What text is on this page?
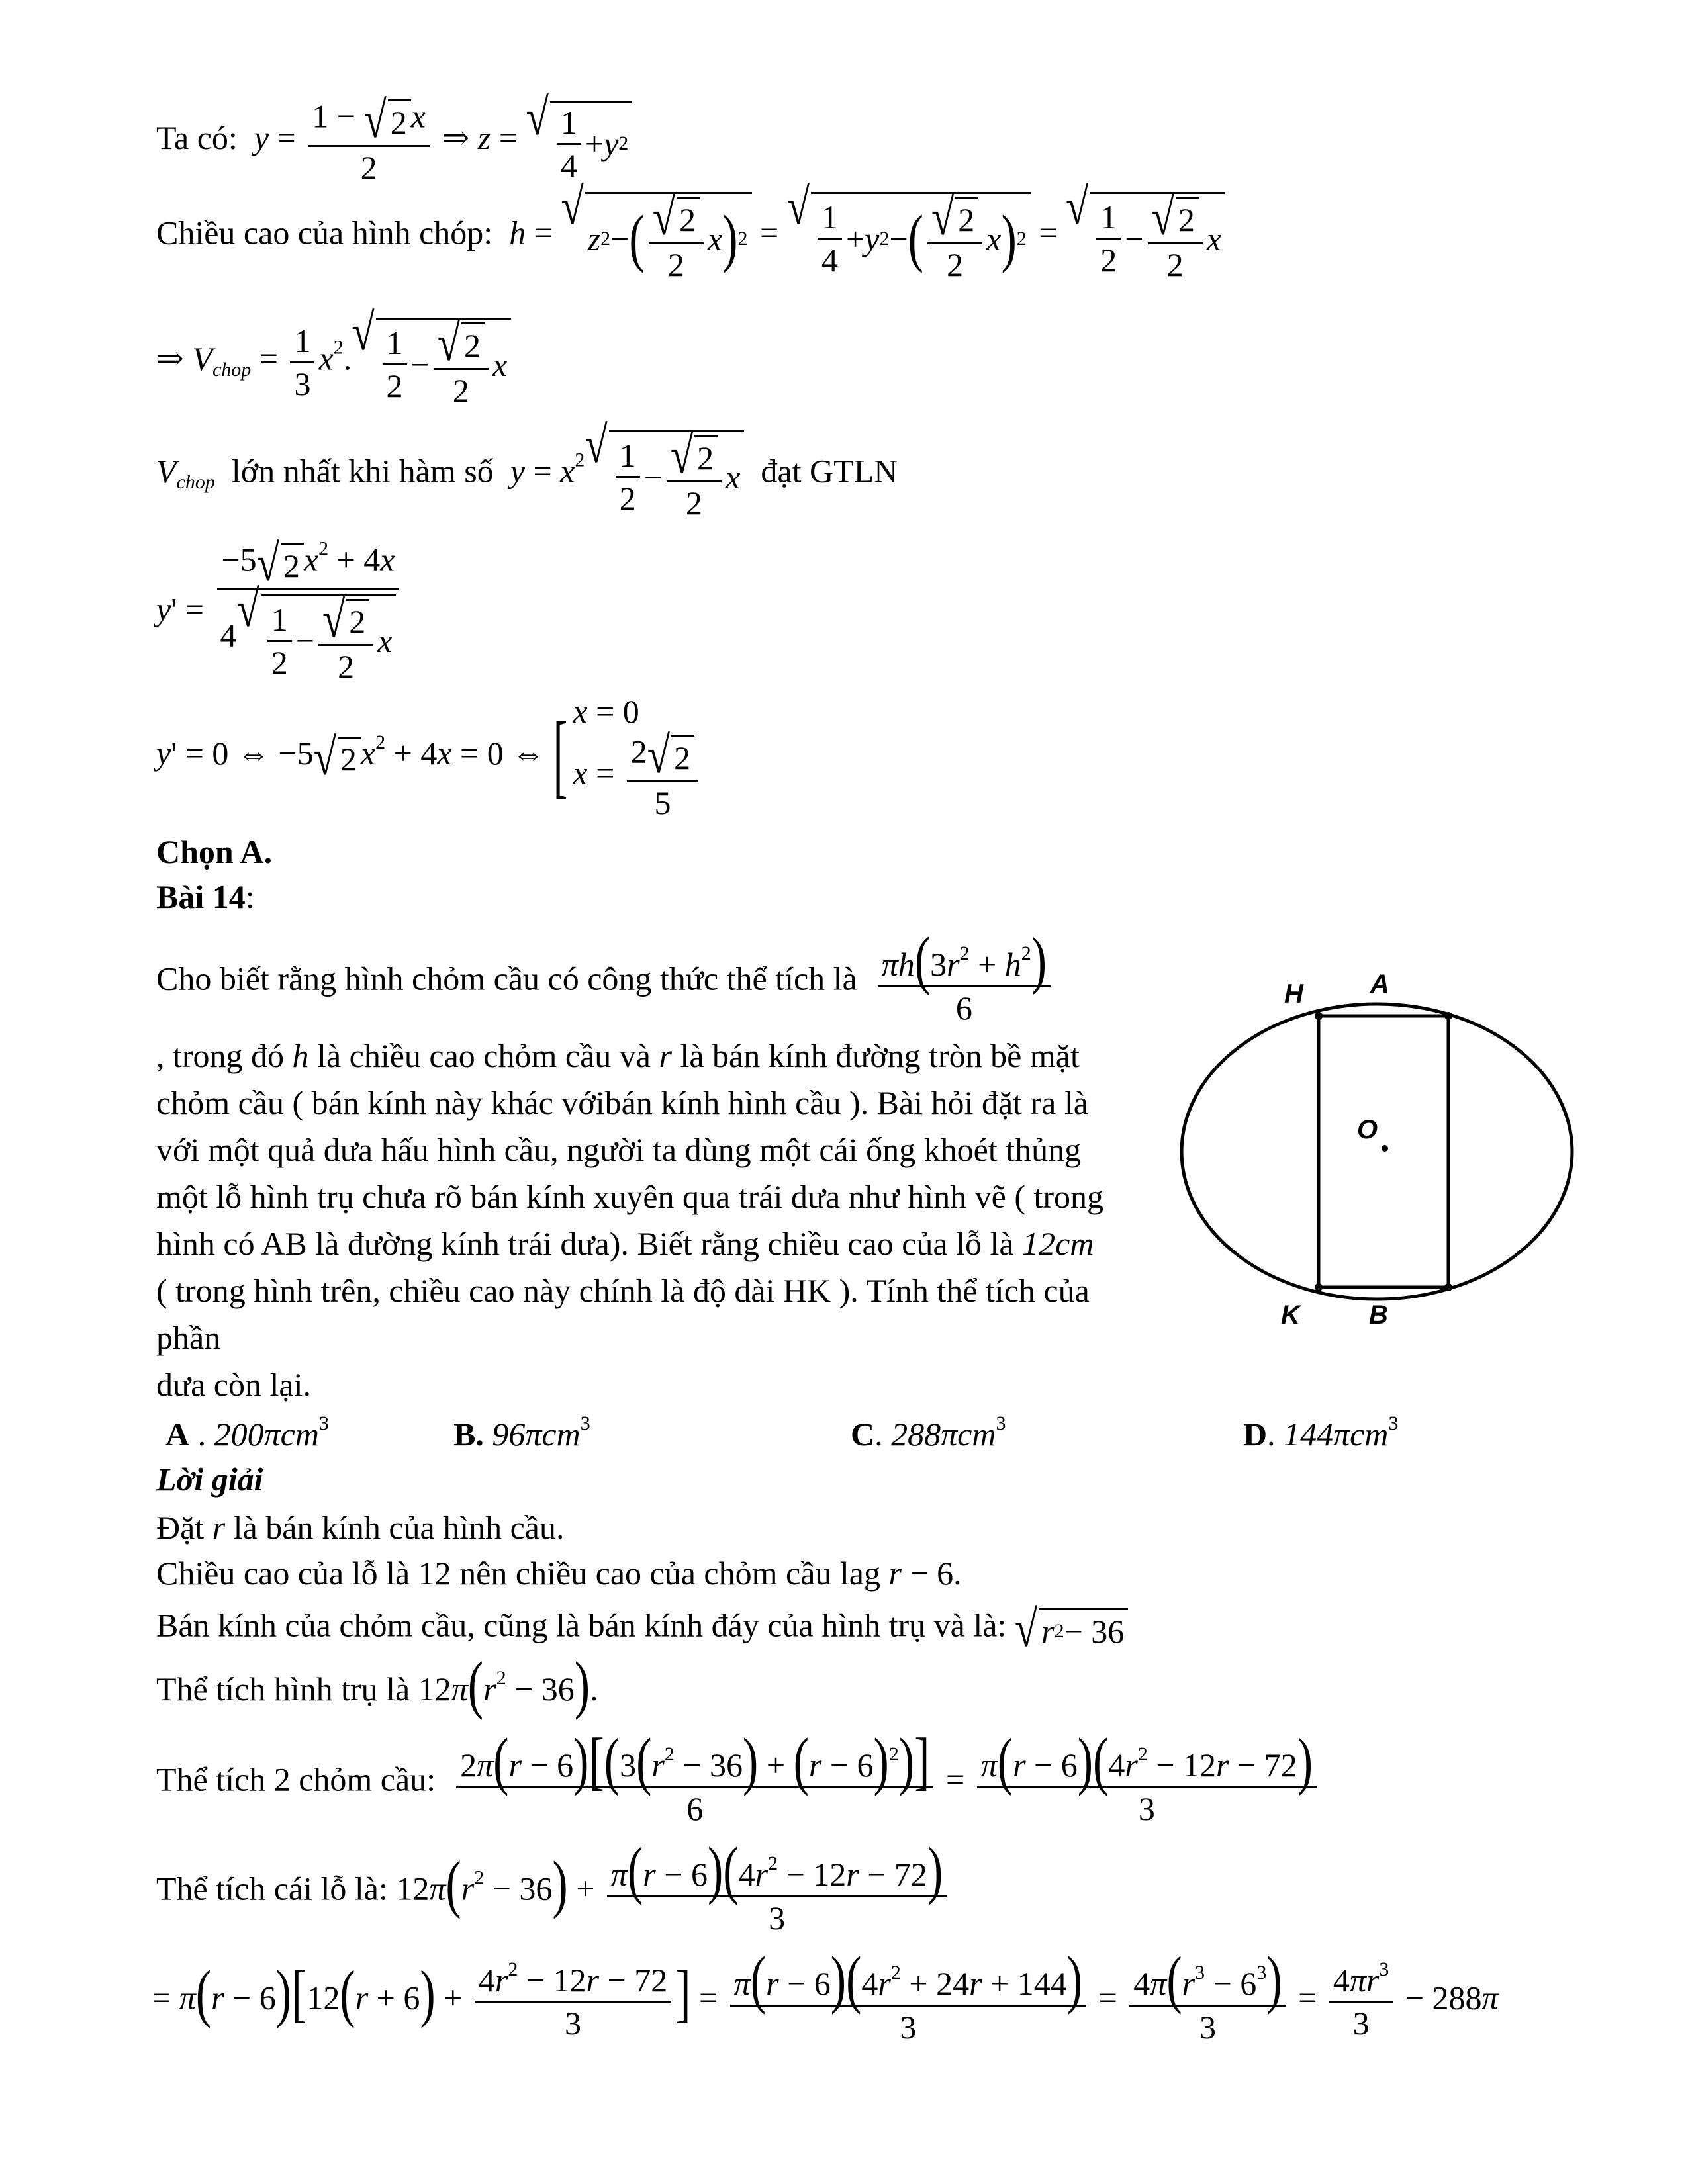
Ta có: $y = \frac{1 - √ 2 x}{2}$ ⇒ z = √ $\frac{1}{4} + y$ 2
Chiều cao của hình chóp: h = √
z 2 − ( $\frac{√ 2}{2}$ x ) 2 = √ $\frac{1}{4} + y$ 2 − ( $\frac{√ 2}{2}$ x ) 2 = √ $\frac{1}{2} - \frac{√ 2}{2}$ x
⇒ $V_{chop} = \frac{1}{3} x^2$. √ $\frac{1}{2} - \frac{√ 2}{2}$ x
$V_{chop}$ lớn nhất khi hàm số $y = x^2$ √ $\frac{1}{2} - \frac{√ 2}{2}$ x đạt GTLN
$y' = \frac{-5 √ 2 x^2 + 4x}{4 √ \frac{1}{2} - \frac{√ 2}{2} x}$
y' = 0 ⇔ −5 √ 2 $x^2 + 4x = 0$ ⇔ [ x = 0
$x = \frac{2 √ 2}{5}$
Chọn A.
Bài 14:
Cho biết rằng hình chỏm cầu có công thức thể tích là $\frac{\pi h(3r^2 + h^2)}{6}$
, trong đó h là chiều cao chỏm cầu và r là bán kính đường tròn bề mặt chỏm cầu ( bán kính này khác vớibán kính hình cầu ). Bài hỏi đặt ra là với một quả dưa hấu hình cầu, người ta dùng một cái ống khoét thủng một lỗ hình trụ chưa rõ bán kính xuyên qua trái dưa như hình vẽ ( trong hình có AB là đường kính trái dưa). Biết rằng chiều cao của lỗ là 12cm  ( trong hình trên, chiều cao này chính là độ dài HK ). Tính thể tích của phần
dưa còn lại.
H	A
O
K	B
A . 200πcm$^3$	B. 96πcm$^3$	C. 288πcm$^3$	D. 144πcm$^3$
Lời giải
Đặt r là bán kính của hình cầu.
Chiều cao của lỗ là 12 nên chiều cao của chỏm cầu lag r − 6.
Bán kính của chỏm cầu, cũng là bán kính đáy của hình trụ và là: √ r 2 − 36
Thể tích hình trụ là $12\pi(r^2 - 36)$.
Thể tích 2 chỏm cầu: $\frac{2\pi(r - 6)[(3(r^2 - 36) + (r - 6)^2)]}{6} = \frac{\pi(r - 6)(4r^2 - 12r - 72)}{3}$
Thể tích cái lỗ là: $12\pi(r^2 - 36) + \frac{\pi(r - 6)(4r^2 - 12r - 72)}{3}$
= $\pi(r - 6)[12(r + 6) + \frac{4r^2 - 12r - 72}{3}$ ] = $\frac{\pi(r - 6)(4r^2 + 24r + 144)}{3} = \frac{4\pi(r^3 - 6^3)}{3} = \frac{4\pi r^3}{3} - 288\pi$
